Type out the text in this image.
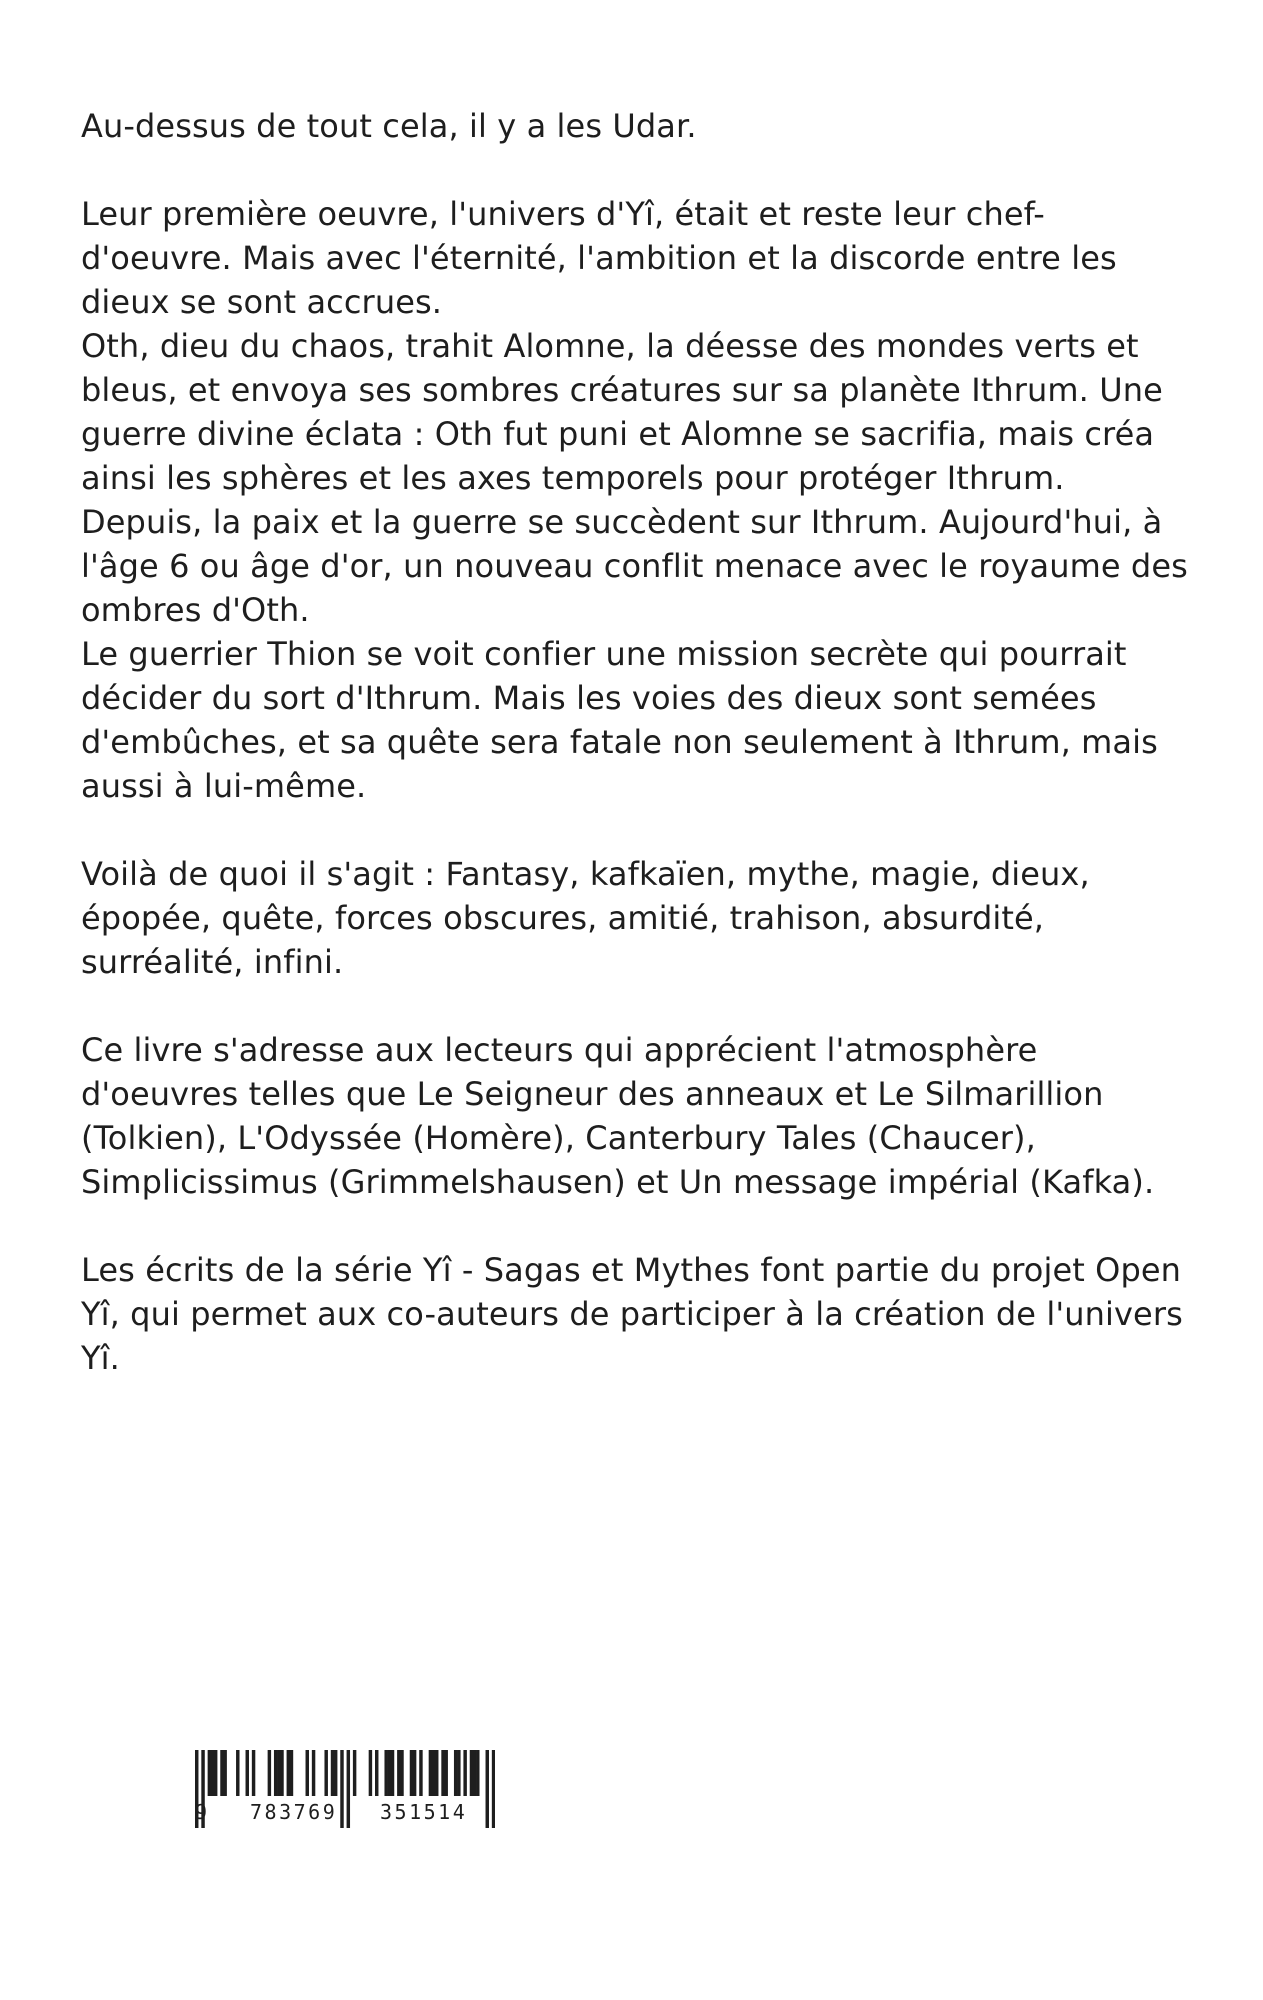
Au-dessus de tout cela, il y a les Udar.

Leur première oeuvre, l'univers d'Yî, était et reste leur chef-d'oeuvre. Mais avec l'éternité, l'ambition et la discorde entre les dieux se sont accrues.

Oth, dieu du chaos, trahit Alomne, la déesse des mondes verts et bleus, et envoya ses sombres créatures sur sa planète Ithrum. Une guerre divine éclata : Oth fut puni et Alomne se sacrifia, mais créa ainsi les sphères et les axes temporels pour protéger Ithrum.

Depuis, la paix et la guerre se succèdent sur Ithrum. Aujourd'hui, à l'âge 6 ou âge d'or, un nouveau conflit menace avec le royaume des ombres d'Oth.

Le guerrier Thion se voit confier une mission secrète qui pourrait décider du sort d'Ithrum. Mais les voies des dieux sont semées d'embûches, et sa quête sera fatale non seulement à Ithrum, mais aussi à lui-même.

Voilà de quoi il s'agit : Fantasy, kafkaïen, mythe, magie, dieux, épopée, quête, forces obscures, amitié, trahison, absurdité, surréalité, infini.

Ce livre s'adresse aux lecteurs qui apprécient l'atmosphère d'oeuvres telles que Le Seigneur des anneaux et Le Silmarillion (Tolkien), L'Odyssée (Homère), Canterbury Tales (Chaucer), Simplicissimus (Grimmelshausen) et Un message impérial (Kafka).

Les écrits de la série Yî - Sagas et Mythes font partie du projet Open Yî, qui permet aux co-auteurs de participer à la création de l'univers Yî.

9 783769 351514
